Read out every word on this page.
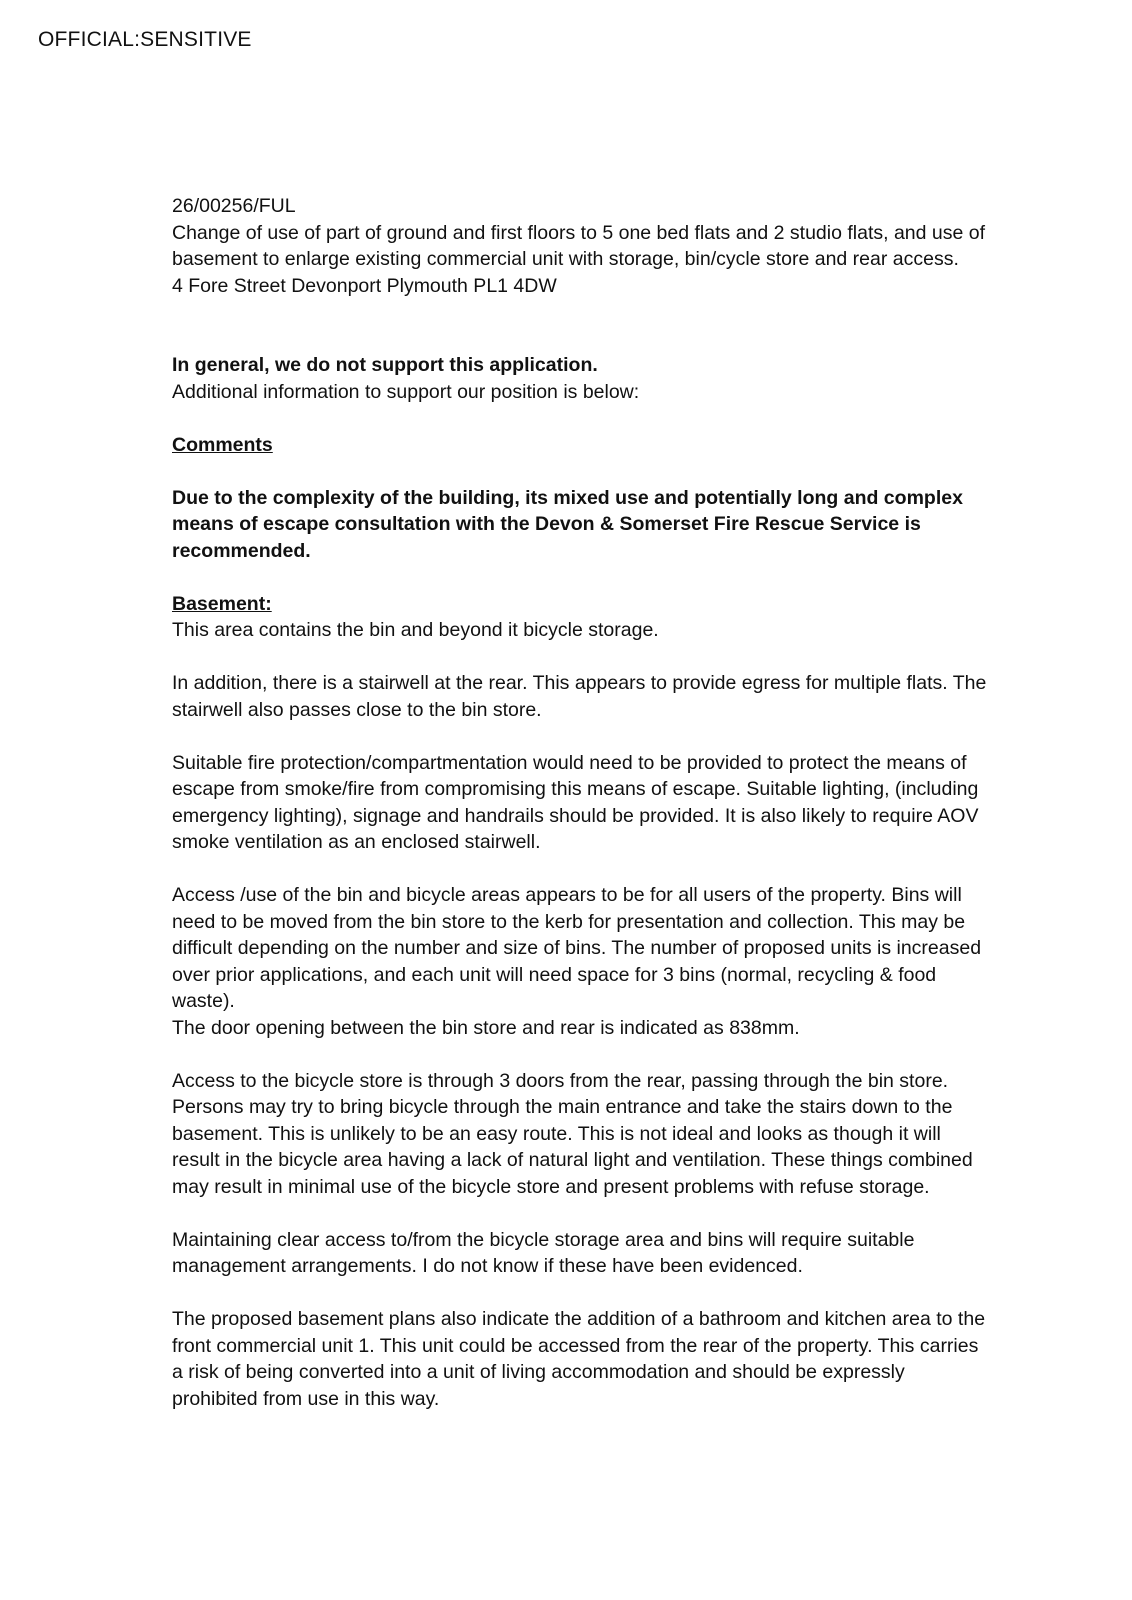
OFFICIAL:SENSITIVE

26/00256/FUL

Change of use of part of ground and first floors to 5 one bed flats and 2 studio flats, and use of basement to enlarge existing commercial unit with storage, bin/cycle store and rear access.

4 Fore Street Devonport Plymouth PL1 4DW

In general, we do not support this application.

Additional information to support our position is below:

Comments

Due to the complexity of the building, its mixed use and potentially long and complex means of escape consultation with the Devon & Somerset Fire Rescue Service is recommended.

Basement:

This area contains the bin and beyond it bicycle storage.

In addition, there is a stairwell at the rear. This appears to provide egress for multiple flats. The stairwell also passes close to the bin store.

Suitable fire protection/compartmentation would need to be provided to protect the means of escape from smoke/fire from compromising this means of escape. Suitable lighting, (including emergency lighting), signage and handrails should be provided. It is also likely to require AOV smoke ventilation as an enclosed stairwell.

Access /use of the bin and bicycle areas appears to be for all users of the property. Bins will need to be moved from the bin store to the kerb for presentation and collection. This may be difficult depending on the number and size of bins. The number of proposed units is increased over prior applications, and each unit will need space for 3 bins (normal, recycling & food waste).

The door opening between the bin store and rear is indicated as 838mm.

Access to the bicycle store is through 3 doors from the rear, passing through the bin store. Persons may try to bring bicycle through the main entrance and take the stairs down to the basement. This is unlikely to be an easy route. This is not ideal and looks as though it will result in the bicycle area having a lack of natural light and ventilation. These things combined may result in minimal use of the bicycle store and present problems with refuse storage.

Maintaining clear access to/from the bicycle storage area and bins will require suitable management arrangements. I do not know if these have been evidenced.

The proposed basement plans also indicate the addition of a bathroom and kitchen area to the front commercial unit 1. This unit could be accessed from the rear of the property. This carries a risk of being converted into a unit of living accommodation and should be expressly prohibited from use in this way.
